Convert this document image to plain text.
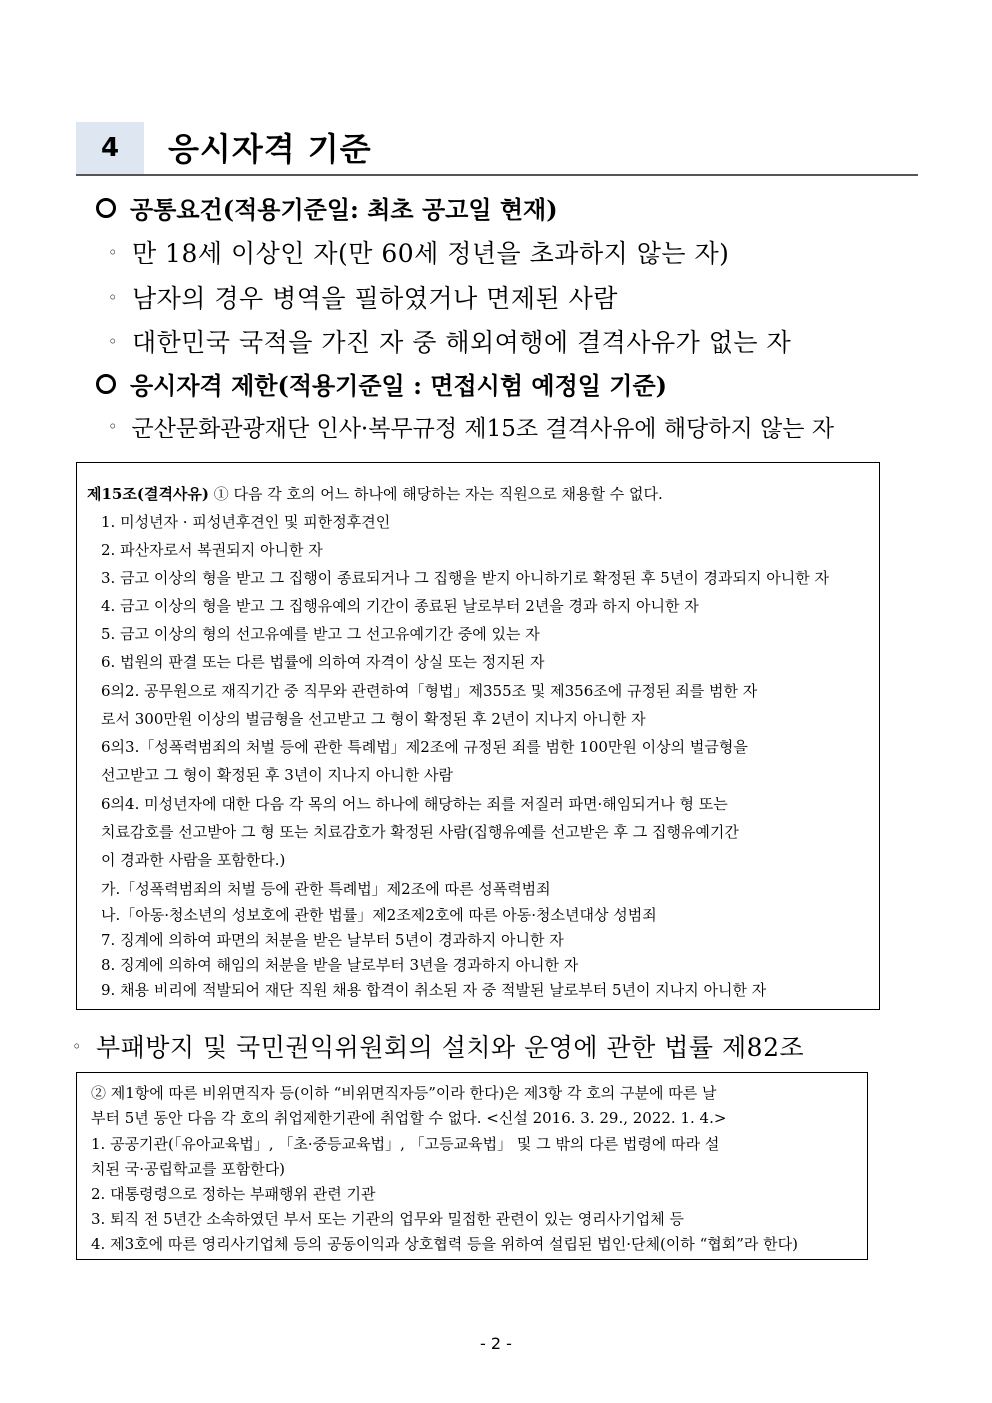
4	응시자격 기준
공통요건(적용기준일: 최초 공고일 현재)
◦ 만 18세 이상인 자(만 60세 정년을 초과하지 않는 자)
◦ 남자의 경우 병역을 필하였거나 면제된 사람
◦ 대한민국 국적을 가진 자 중 해외여행에 결격사유가 없는 자
응시자격 제한(적용기준일 : 면접시험 예정일 기준)
◦ 군산문화관광재단 인사·복무규정 제15조 결격사유에 해당하지 않는 자
제15조(결격사유) ① 다음 각 호의 어느 하나에 해당하는 자는 직원으로 채용할 수 없다.
1. 미성년자 · 피성년후견인 및 피한정후견인
2. 파산자로서 복권되지 아니한 자
3. 금고 이상의 형을 받고 그 집행이 종료되거나 그 집행을 받지 아니하기로 확정된 후 5년이 경과되지 아니한 자
4. 금고 이상의 형을 받고 그 집행유예의 기간이 종료된 날로부터 2년을 경과 하지 아니한 자
5. 금고 이상의 형의 선고유예를 받고 그 선고유예기간 중에 있는 자
6. 법원의 판결 또는 다른 법률에 의하여 자격이 상실 또는 정지된 자
6의2. 공무원으로 재직기간 중 직무와 관련하여「형법」제355조 및 제356조에 규정된 죄를 범한 자
로서 300만원 이상의 벌금형을 선고받고 그 형이 확정된 후 2년이 지나지 아니한 자
6의3.「성폭력범죄의 처벌 등에 관한 특례법」제2조에 규정된 죄를 범한 100만원 이상의 벌금형을
선고받고 그 형이 확정된 후 3년이 지나지 아니한 사람
6의4. 미성년자에 대한 다음 각 목의 어느 하나에 해당하는 죄를 저질러 파면·해임되거나 형 또는
치료감호를 선고받아 그 형 또는 치료감호가 확정된 사람(집행유예를 선고받은 후 그 집행유예기간
이 경과한 사람을 포함한다.)
가.「성폭력범죄의 처벌 등에 관한 특례법」제2조에 따른 성폭력범죄
나.「아동·청소년의 성보호에 관한 법률」제2조제2호에 따른 아동·청소년대상 성범죄
7. 징계에 의하여 파면의 처분을 받은 날부터 5년이 경과하지 아니한 자
8. 징계에 의하여 해임의 처분을 받을 날로부터 3년을 경과하지 아니한 자
9. 채용 비리에 적발되어 재단 직원 채용 합격이 취소된 자 중 적발된 날로부터 5년이 지나지 아니한 자
◦ 부패방지 및 국민권익위원회의 설치와 운영에 관한 법률 제82조
② 제1항에 따른 비위면직자 등(이하 “비위면직자등”이라 한다)은 제3항 각 호의 구분에 따른 날
부터 5년 동안 다음 각 호의 취업제한기관에 취업할 수 없다. <신설 2016. 3. 29., 2022. 1. 4.>
1. 공공기관(「유아교육법」, 「초·중등교육법」, 「고등교육법」 및 그 밖의 다른 법령에 따라 설
치된 국·공립학교를 포함한다)
2. 대통령령으로 정하는 부패행위 관련 기관
3. 퇴직 전 5년간 소속하였던 부서 또는 기관의 업무와 밀접한 관련이 있는 영리사기업체 등
4. 제3호에 따른 영리사기업체 등의 공동이익과 상호협력 등을 위하여 설립된 법인·단체(이하 “협회”라 한다)
- 2 -
